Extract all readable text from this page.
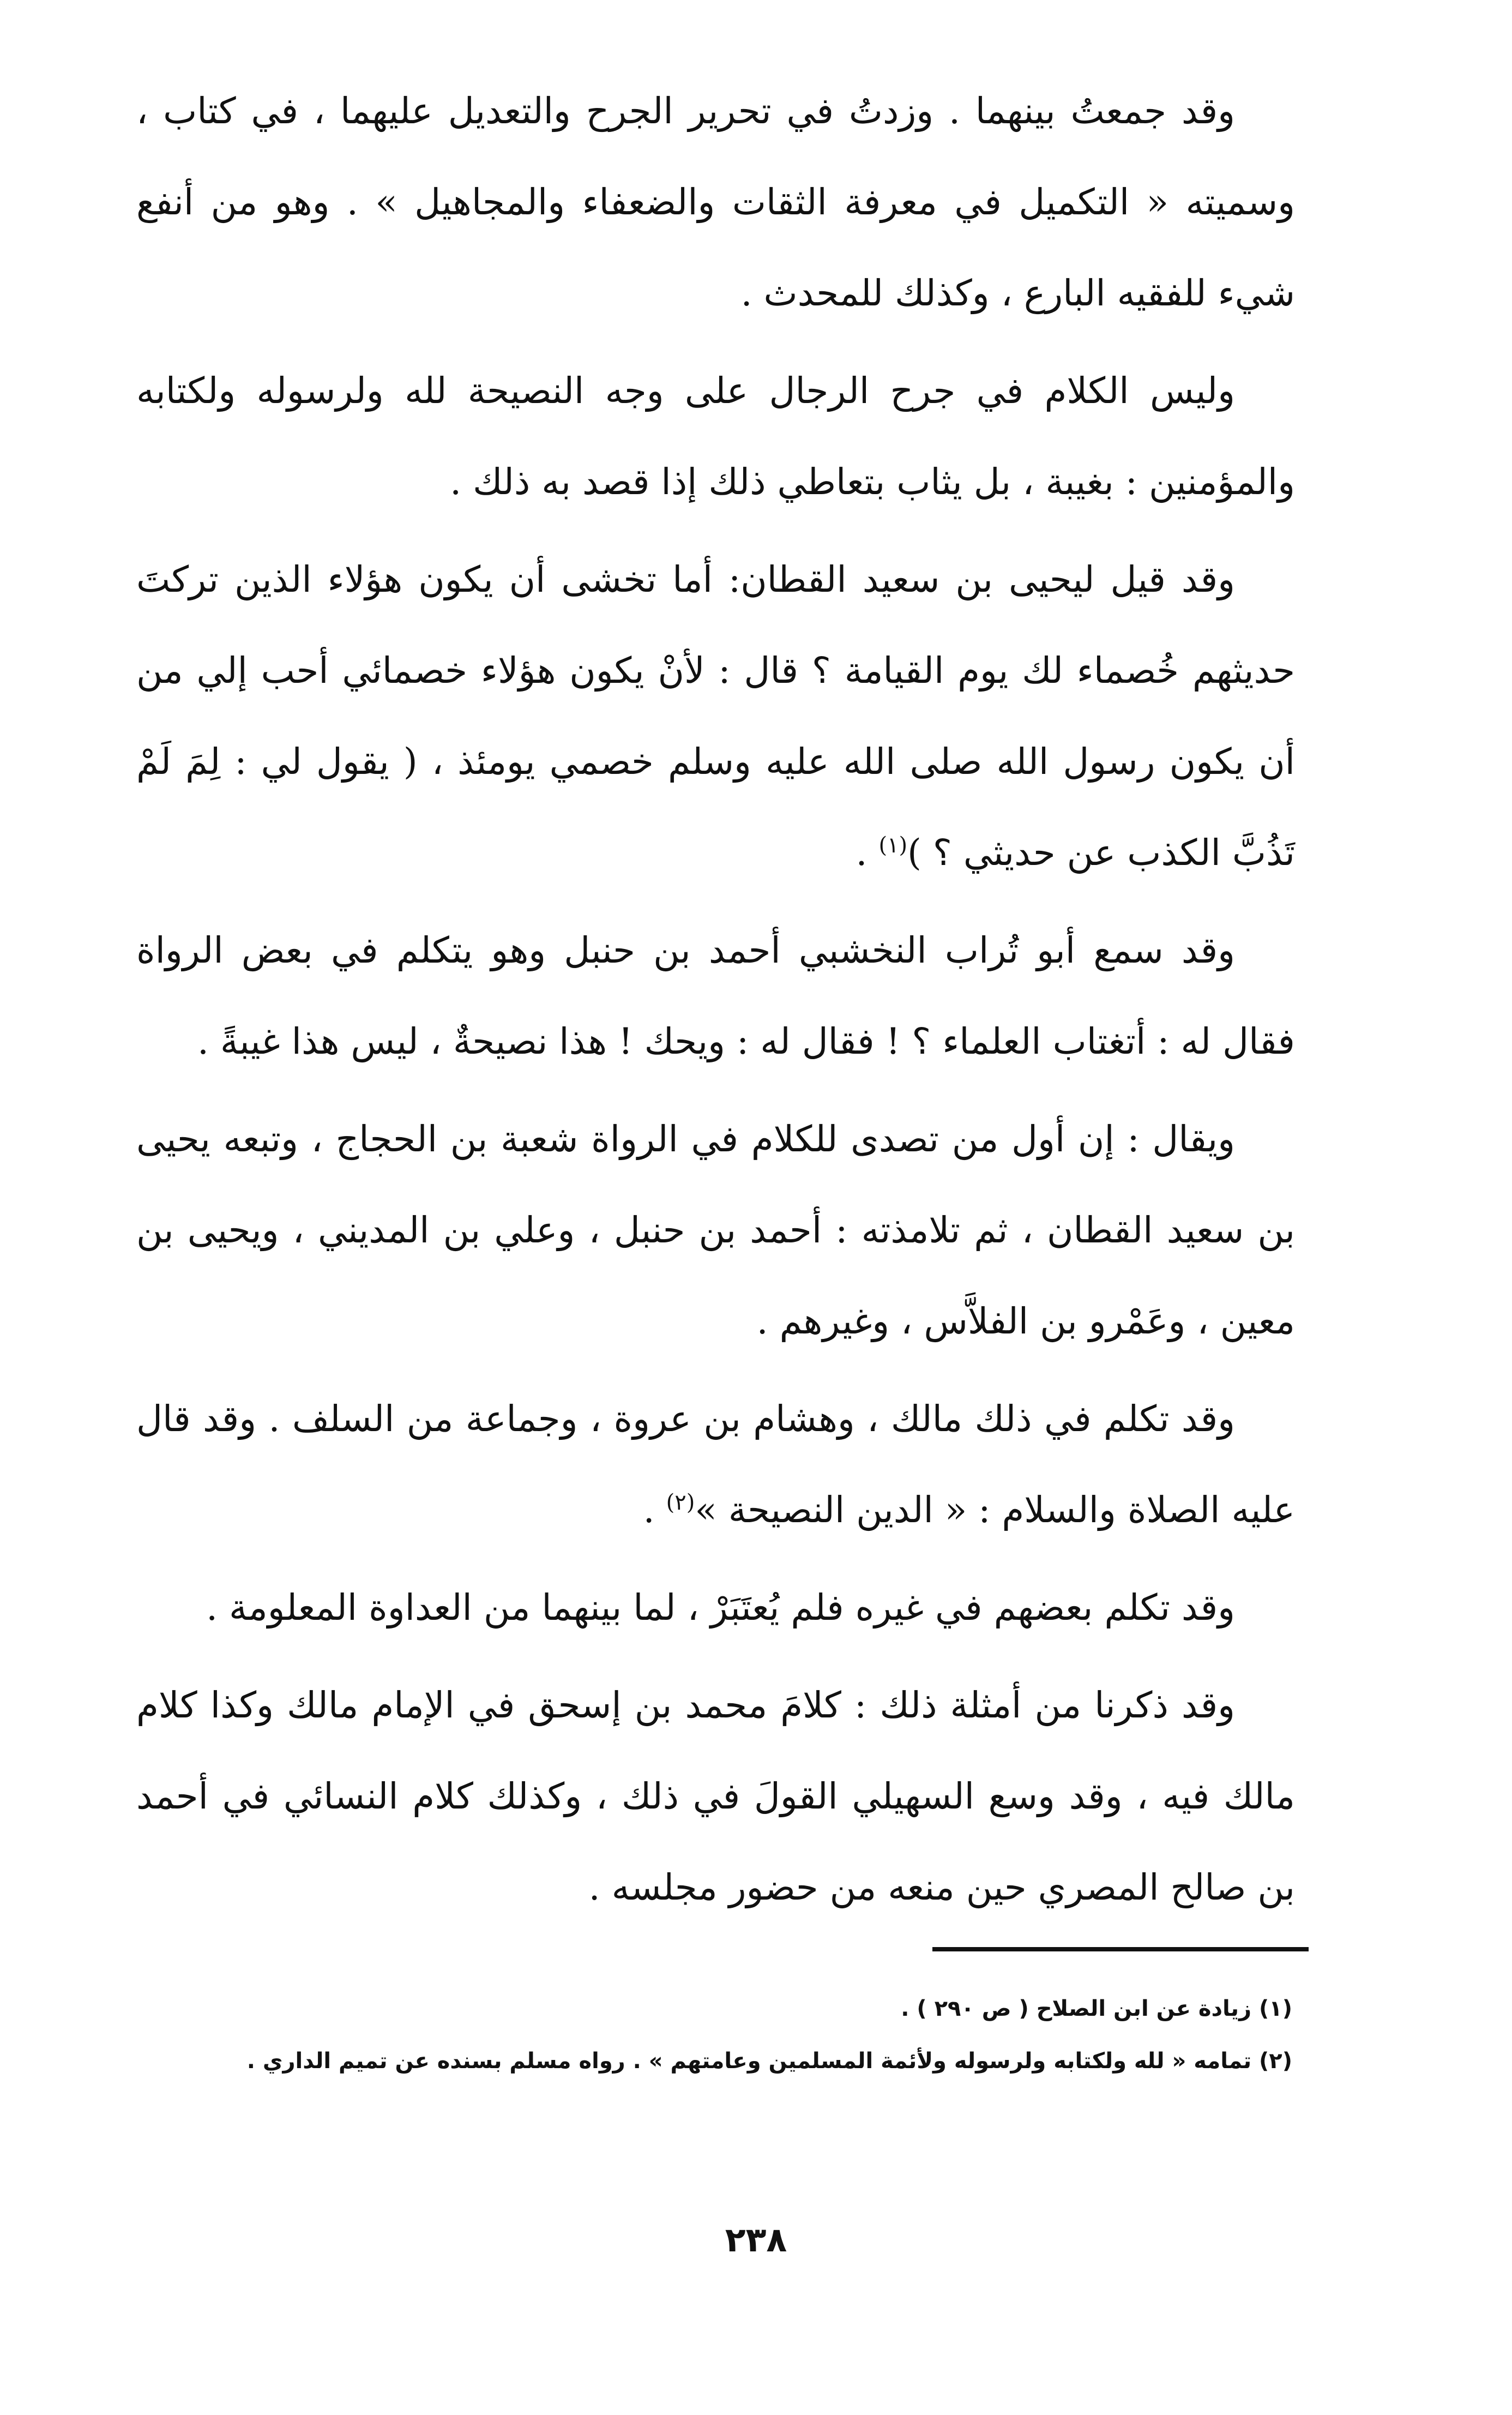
وقد جمعتُ بينهما . وزدتُ في تحرير الجرح والتعديل عليهما ، في كتاب ، وسميته « التكميل في معرفة الثقات والضعفاء والمجاهيل » . وهو من أنفع شيء للفقيه البارع ، وكذلك للمحدث .

وليس الكلام في جرح الرجال على وجه النصيحة لله ولرسوله ولكتابه والمؤمنين : بغيبة ، بل يثاب بتعاطي ذلك إذا قصد به ذلك .

وقد قيل ليحيى بن سعيد القطان: أما تخشى أن يكون هؤلاء الذين تركتَ حديثهم خُصماء لك يوم القيامة ؟ قال : لأنْ يكون هؤلاء خصمائي أحب إلي من أن يكون رسول الله صلى الله عليه وسلم خصمي يومئذ ، ( يقول لي : لِمَ لَمْ تَذُبَّ الكذب عن حديثي ؟ )$^{(١)}$ .

وقد سمع أبو تُراب النخشبي أحمد بن حنبل وهو يتكلم في بعض الرواة فقال له : أتغتاب العلماء ؟ ! فقال له : ويحك ! هذا نصيحةٌ ، ليس هذا غيبةً .

ويقال : إن أول من تصدى للكلام في الرواة شعبة بن الحجاج ، وتبعه يحيى بن سعيد القطان ، ثم تلامذته : أحمد بن حنبل ، وعلي بن المديني ، ويحيى بن معين ، وعَمْرو بن الفلاَّس ، وغيرهم .

وقد تكلم في ذلك مالك ، وهشام بن عروة ، وجماعة من السلف . وقد قال عليه الصلاة والسلام : « الدين النصيحة »$^{(٢)}$ .

وقد تكلم بعضهم في غيره فلم يُعتَبَرْ ، لما بينهما من العداوة المعلومة .

وقد ذكرنا من أمثلة ذلك : كلامَ محمد بن إسحق في الإمام مالك وكذا كلام مالك فيه ، وقد وسع السهيلي القولَ في ذلك ، وكذلك كلام النسائي في أحمد بن صالح المصري حين منعه من حضور مجلسه .

(١) زيادة عن ابن الصلاح ( ص ٢٩٠ ) .

(٢) تمامه « لله ولكتابه ولرسوله ولأئمة المسلمين وعامتهم » . رواه مسلم بسنده عن تميم الداري .

٢٣٨
